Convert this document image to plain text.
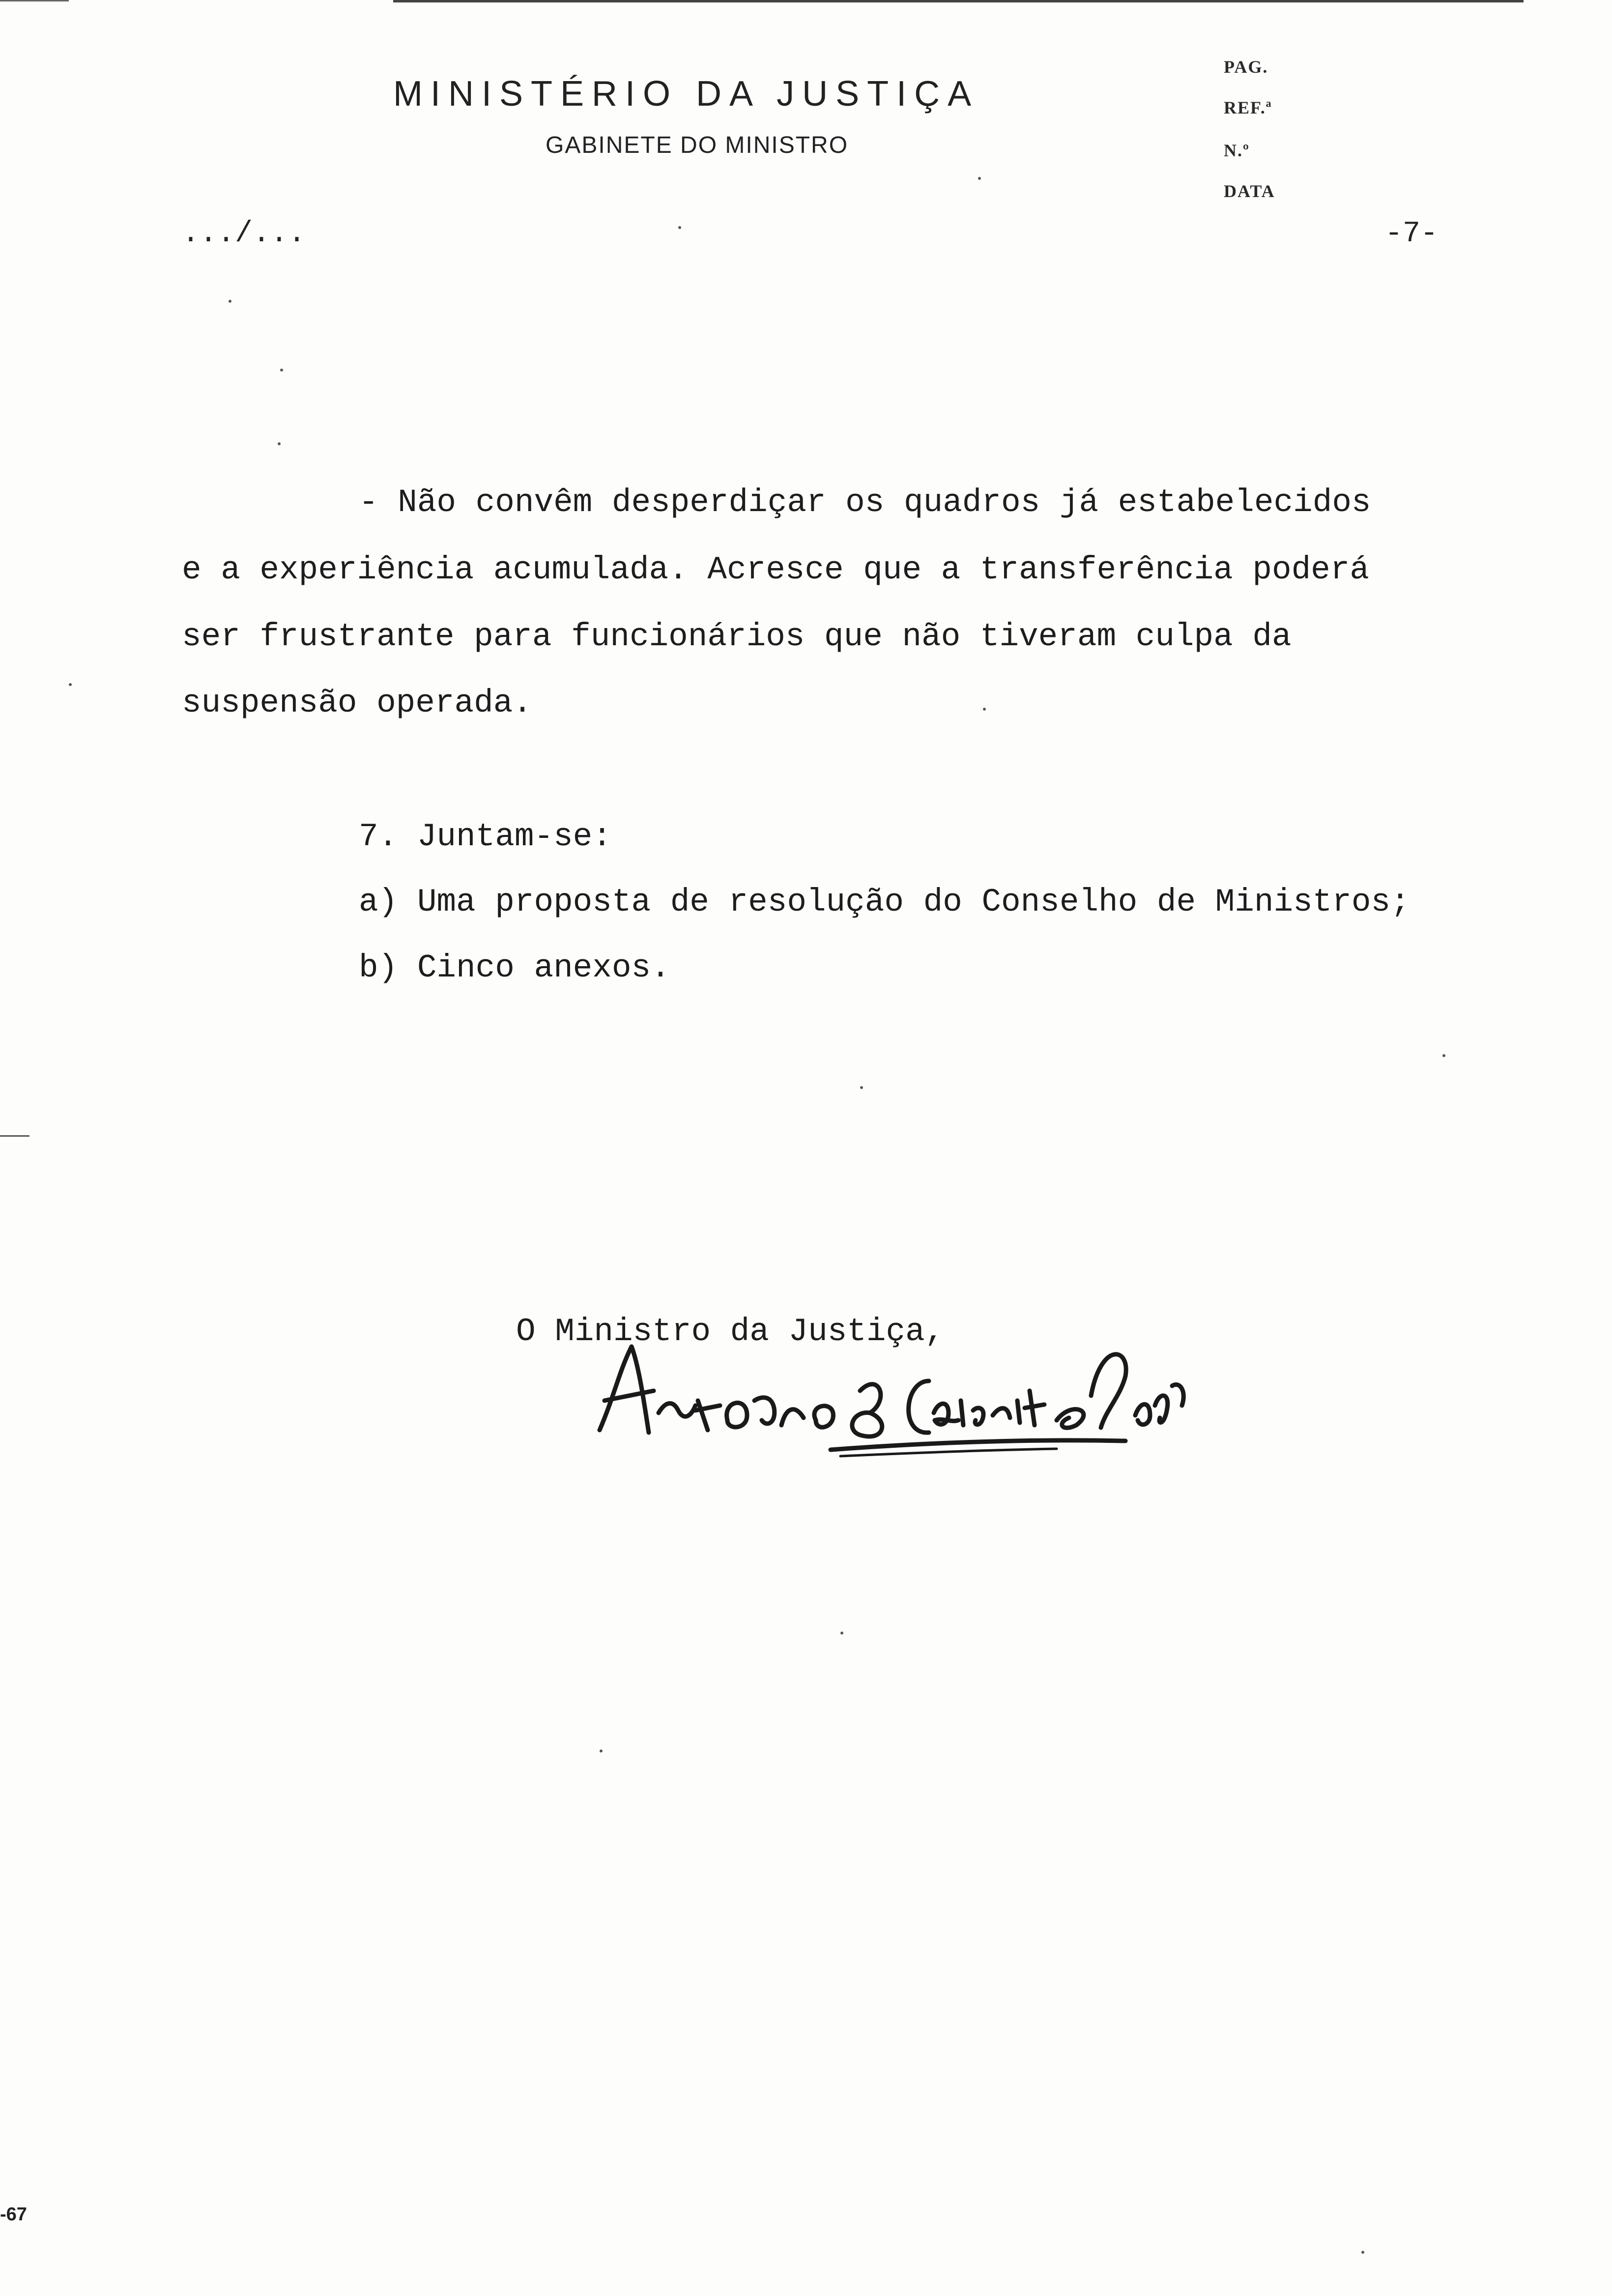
MINISTÉRIO DA JUSTIÇA
GABINETE DO MINISTRO
PAG.
REF.ª
N.º
DATA
.../...	-7-
- Não convêm desperdiçar os quadros já estabelecidos
e a experiência acumulada. Acresce que a transferência poderá
ser frustrante para funcionários que não tiveram culpa da
suspensão operada.
7. Juntam-se:
a) Uma proposta de resolução do Conselho de Ministros;
b) Cinco anexos.
O Ministro da Justiça,
-67
